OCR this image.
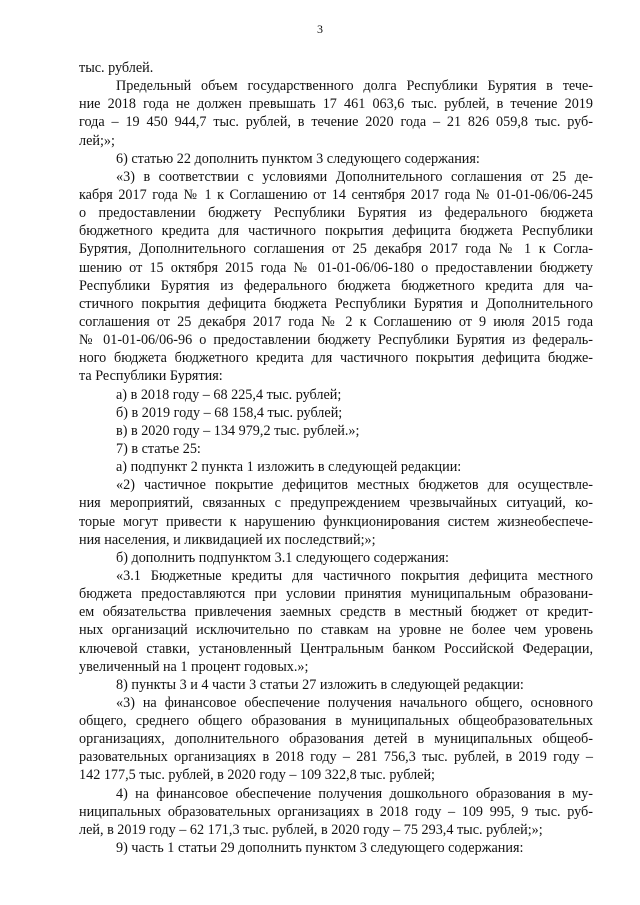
3
тыс. рублей.
Предельный объем государственного долга Республики Бурятия в тече-
ние 2018 года не должен превышать 17 461 063,6 тыс. рублей, в течение 2019
года – 19 450 944,7 тыс. рублей, в течение 2020 года – 21 826 059,8 тыс. руб-
лей;»;
6) статью 22 дополнить пунктом 3 следующего содержания:
«3) в соответствии с условиями Дополнительного соглашения от 25 де-
кабря 2017 года № 1 к Соглашению от 14 сентября 2017 года № 01-01-06/06-245
о предоставлении бюджету Республики Бурятия из федерального бюджета
бюджетного кредита для частичного покрытия дефицита бюджета Республики
Бурятия, Дополнительного соглашения от 25 декабря 2017 года № 1 к Согла-
шению от 15 октября 2015 года № 01-01-06/06-180 о предоставлении бюджету
Республики Бурятия из федерального бюджета бюджетного кредита для ча-
стичного покрытия дефицита бюджета Республики Бурятия и Дополнительного
соглашения от 25 декабря 2017 года № 2 к Соглашению от 9 июля 2015 года
№ 01-01-06/06-96 о предоставлении бюджету Республики Бурятия из федераль-
ного бюджета бюджетного кредита для частичного покрытия дефицита бюдже-
та Республики Бурятия:
а) в 2018 году – 68 225,4 тыс. рублей;
б) в 2019 году – 68 158,4 тыс. рублей;
в) в 2020 году – 134 979,2 тыс. рублей.»;
7) в статье 25:
а) подпункт 2 пункта 1 изложить в следующей редакции:
«2) частичное покрытие дефицитов местных бюджетов для осуществле-
ния мероприятий, связанных с предупреждением чрезвычайных ситуаций, ко-
торые могут привести к нарушению функционирования систем жизнеобеспече-
ния населения, и ликвидацией их последствий;»;
б) дополнить подпунктом 3.1 следующего содержания:
«3.1 Бюджетные кредиты для частичного покрытия дефицита местного
бюджета предоставляются при условии принятия муниципальным образовани-
ем обязательства привлечения заемных средств в местный бюджет от кредит-
ных организаций исключительно по ставкам на уровне не более чем уровень
ключевой ставки, установленный Центральным банком Российской Федерации,
увеличенный на 1 процент годовых.»;
8) пункты 3 и 4 части 3 статьи 27 изложить в следующей редакции:
«3) на финансовое обеспечение получения начального общего, основного
общего, среднего общего образования в муниципальных общеобразовательных
организациях, дополнительного образования детей в муниципальных общеоб-
разовательных организациях в 2018 году – 281 756,3 тыс. рублей, в 2019 году –
142 177,5 тыс. рублей, в 2020 году – 109 322,8 тыс. рублей;
4) на финансовое обеспечение получения дошкольного образования в му-
ниципальных образовательных организациях в 2018 году – 109 995, 9 тыс. руб-
лей, в 2019 году – 62 171,3 тыс. рублей, в 2020 году – 75 293,4 тыс. рублей;»;
9) часть 1 статьи 29 дополнить пунктом 3 следующего содержания:
